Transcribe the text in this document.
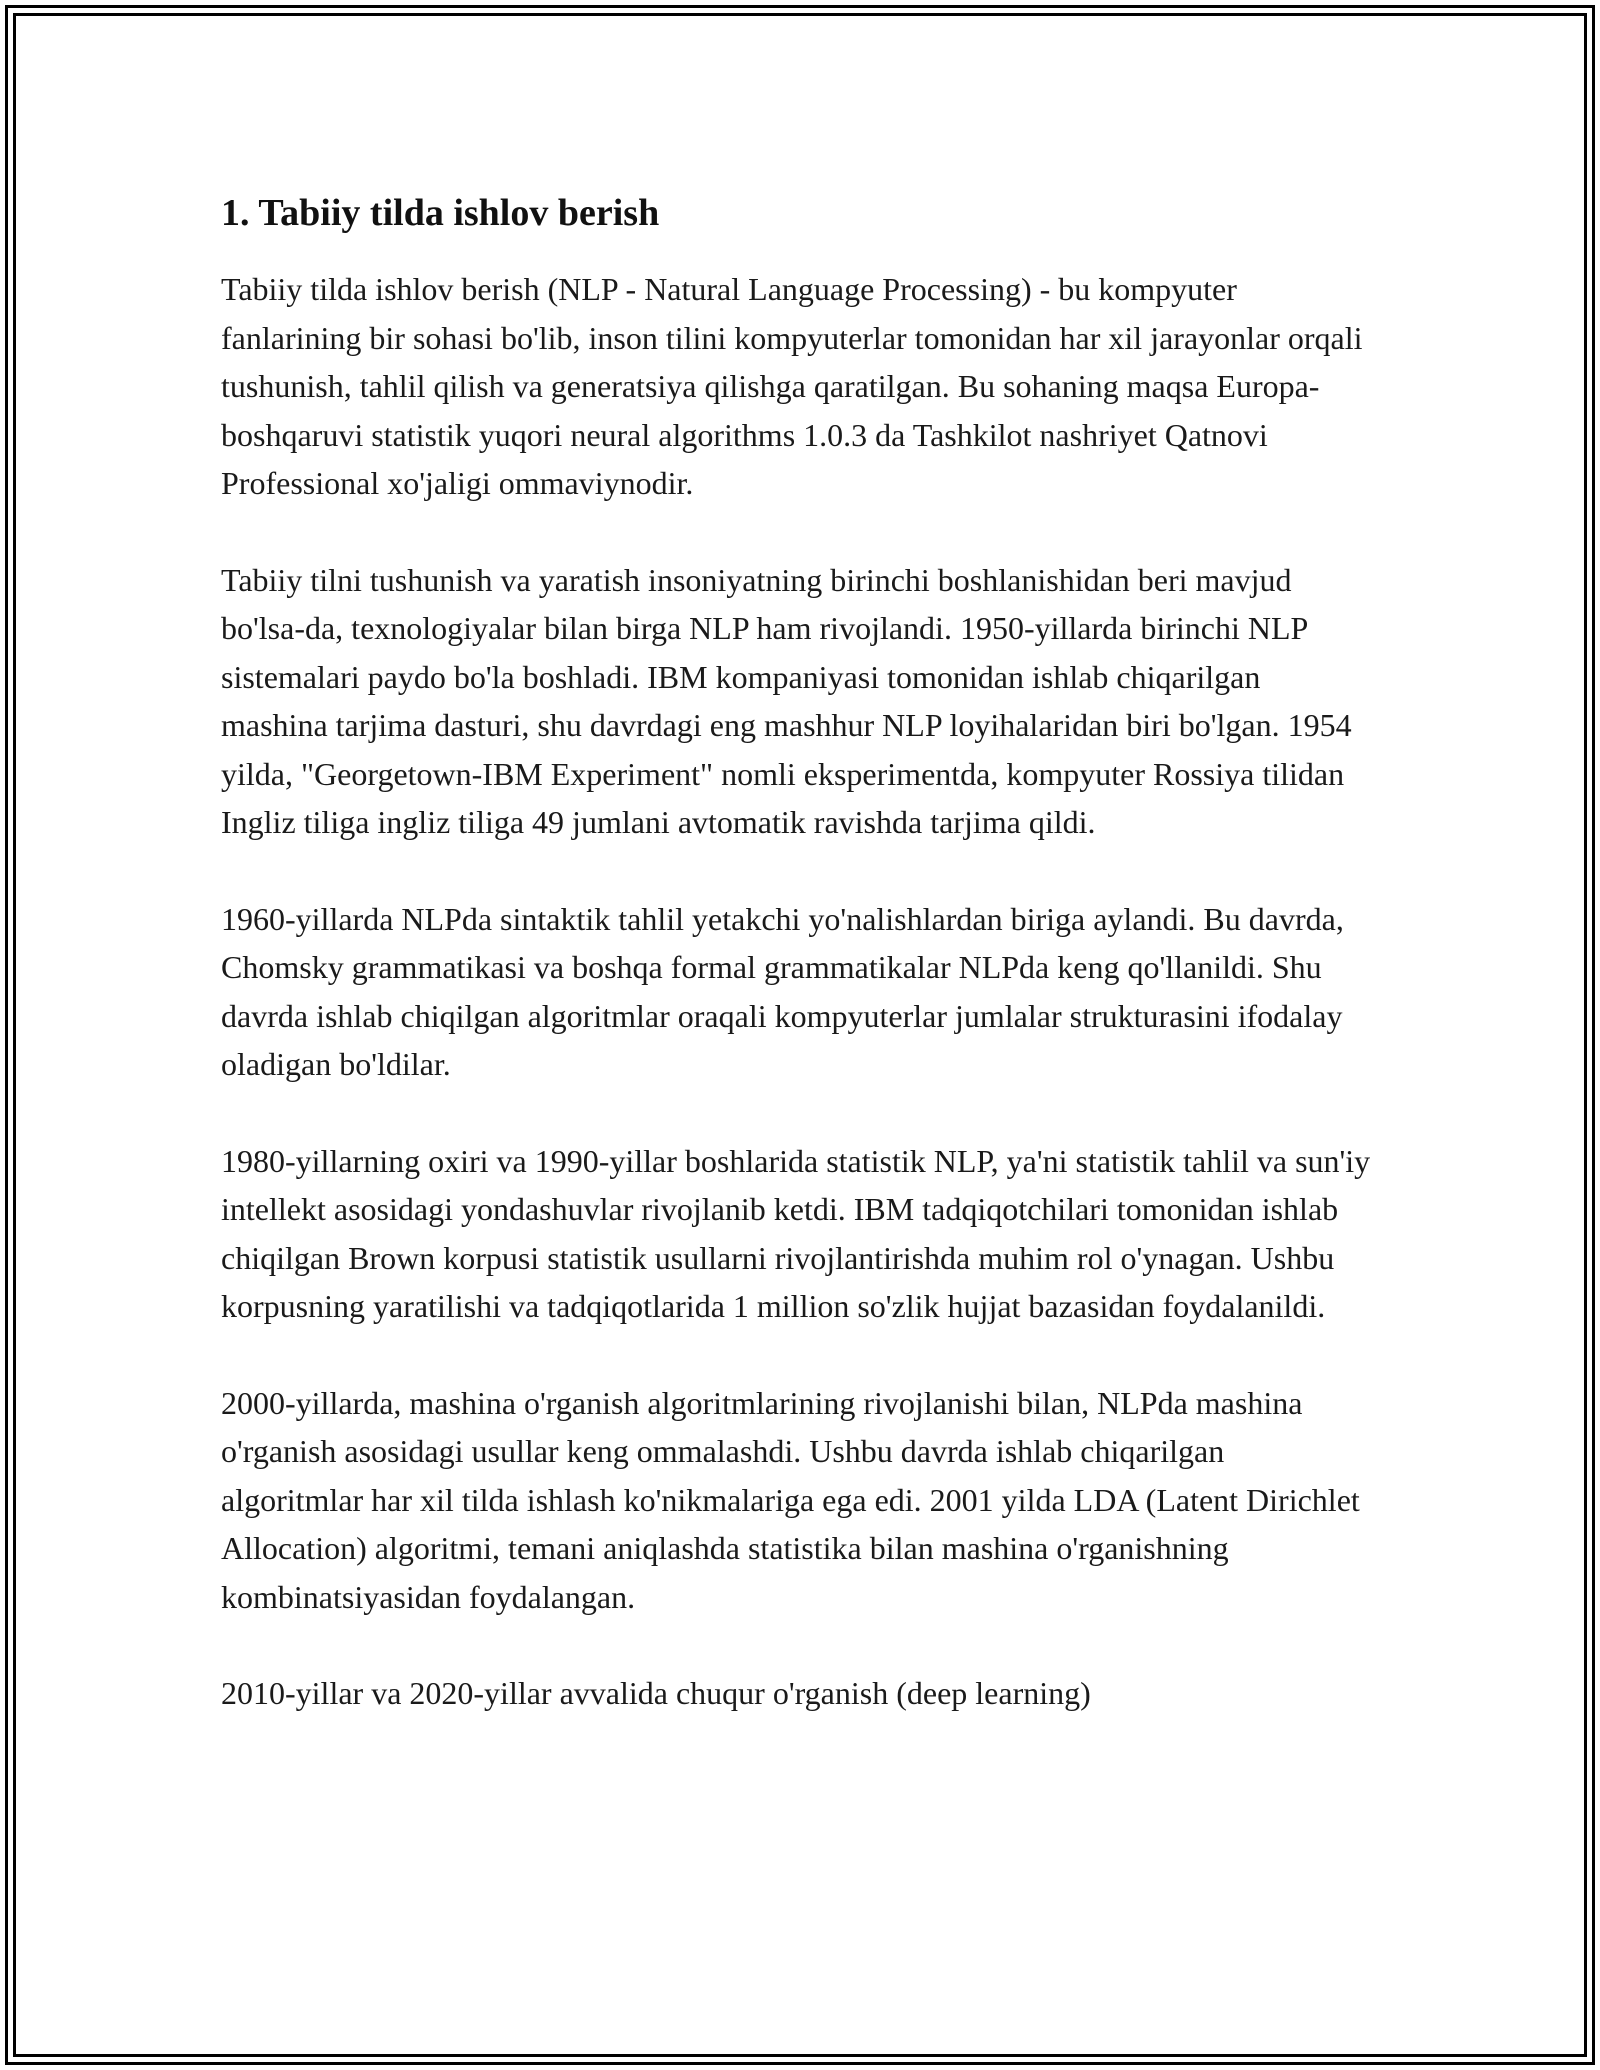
1. Tabiiy tilda ishlov berish

Tabiiy tilda ishlov berish (NLP - Natural Language Processing) - bu kompyuter fanlarining bir sohasi bo'lib, inson tilini kompyuterlar tomonidan har xil jarayonlar orqali tushunish, tahlil qilish va generatsiya qilishga qaratilgan. Bu sohaning maqsa Europa-boshqaruvi statistik yuqori neural algorithms 1.0.3 da Tashkilot nashriyet Qatnovi Professional xo'jaligi ommaviynodir.

Tabiiy tilni tushunish va yaratish insoniyatning birinchi boshlanishidan beri mavjud bo'lsa-da, texnologiyalar bilan birga NLP ham rivojlandi. 1950-yillarda birinchi NLP sistemalari paydo bo'la boshladi. IBM kompaniyasi tomonidan ishlab chiqarilgan mashina tarjima dasturi, shu davrdagi eng mashhur NLP loyihalaridan biri bo'lgan. 1954 yilda, "Georgetown-IBM Experiment" nomli eksperimentda, kompyuter Rossiya tilidan Ingliz tiliga ingliz tiliga 49 jumlani avtomatik ravishda tarjima qildi.

1960-yillarda NLPda sintaktik tahlil yetakchi yo'nalishlardan biriga aylandi. Bu davrda, Chomsky grammatikasi va boshqa formal grammatikalar NLPda keng qo'llanildi. Shu davrda ishlab chiqilgan algoritmlar oraqali kompyuterlar jumlalar strukturasini ifodalay oladigan bo'ldilar.

1980-yillarning oxiri va 1990-yillar boshlarida statistik NLP, ya'ni statistik tahlil va sun'iy intellekt asosidagi yondashuvlar rivojlanib ketdi. IBM tadqiqotchilari tomonidan ishlab chiqilgan Brown korpusi statistik usullarni rivojlantirishda muhim rol o'ynagan. Ushbu korpusning yaratilishi va tadqiqotlarida 1 million so'zlik hujjat bazasidan foydalanildi.

2000-yillarda, mashina o'rganish algoritmlarining rivojlanishi bilan, NLPda mashina o'rganish asosidagi usullar keng ommalashdi. Ushbu davrda ishlab chiqarilgan algoritmlar har xil tilda ishlash ko'nikmalariga ega edi. 2001 yilda LDA (Latent Dirichlet Allocation) algoritmi, temani aniqlashda statistika bilan mashina o'rganishning kombinatsiyasidan foydalangan.

2010-yillar va 2020-yillar avvalida chuqur o'rganish (deep learning)
